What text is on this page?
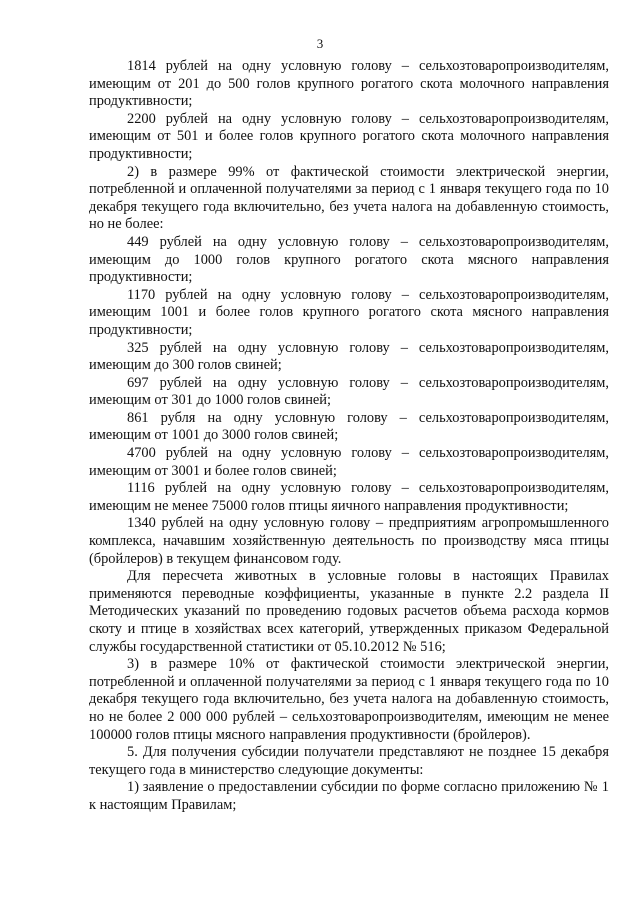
3

1814 рублей на одну условную голову – сельхозтоваропроизводителям, имеющим от 201 до 500 голов крупного рогатого скота молочного направления продуктивности;

2200 рублей на одну условную голову – сельхозтоваропроизводителям, имеющим от 501 и более голов крупного рогатого скота молочного направления продуктивности;

2) в размере 99% от фактической стоимости электрической энергии, потребленной и оплаченной получателями за период с 1 января текущего года по 10 декабря текущего года включительно, без учета налога на добавленную стоимость, но не более:

449 рублей на одну условную голову – сельхозтоваропроизводителям, имеющим до 1000 голов крупного рогатого скота мясного направления продуктивности;

1170 рублей на одну условную голову – сельхозтоваропроизводителям, имеющим 1001 и более голов крупного рогатого скота мясного направления продуктивности;

325 рублей на одну условную голову – сельхозтоваропроизводителям, имеющим до 300 голов свиней;

697 рублей на одну условную голову – сельхозтоваропроизводителям, имеющим от 301 до 1000 голов свиней;

861 рубля на одну условную голову – сельхозтоваропроизводителям, имеющим от 1001 до 3000 голов свиней;

4700 рублей на одну условную голову – сельхозтоваропроизводителям, имеющим от 3001 и более голов свиней;

1116 рублей на одну условную голову – сельхозтоваропроизводителям, имеющим не менее 75000 голов птицы яичного направления продуктивности;

1340 рублей на одну условную голову – предприятиям агропромышленного комплекса, начавшим хозяйственную деятельность по производству мяса птицы (бройлеров) в текущем финансовом году.

Для пересчета животных в условные головы в настоящих Правилах применяются переводные коэффициенты, указанные в пункте 2.2 раздела II Методических указаний по проведению годовых расчетов объема расхода кормов скоту и птице в хозяйствах всех категорий, утвержденных приказом Федеральной службы государственной статистики от 05.10.2012 № 516;

3) в размере 10% от фактической стоимости электрической энергии, потребленной и оплаченной получателями за период с 1 января текущего года по 10 декабря текущего года включительно, без учета налога на добавленную стоимость, но не более 2 000 000 рублей – сельхозтоваропроизводителям, имеющим не менее 100000 голов птицы мясного направления продуктивности (бройлеров).

5. Для получения субсидии получатели представляют не позднее 15 декабря текущего года в министерство следующие документы:

1) заявление о предоставлении субсидии по форме согласно приложению № 1 к настоящим Правилам;
